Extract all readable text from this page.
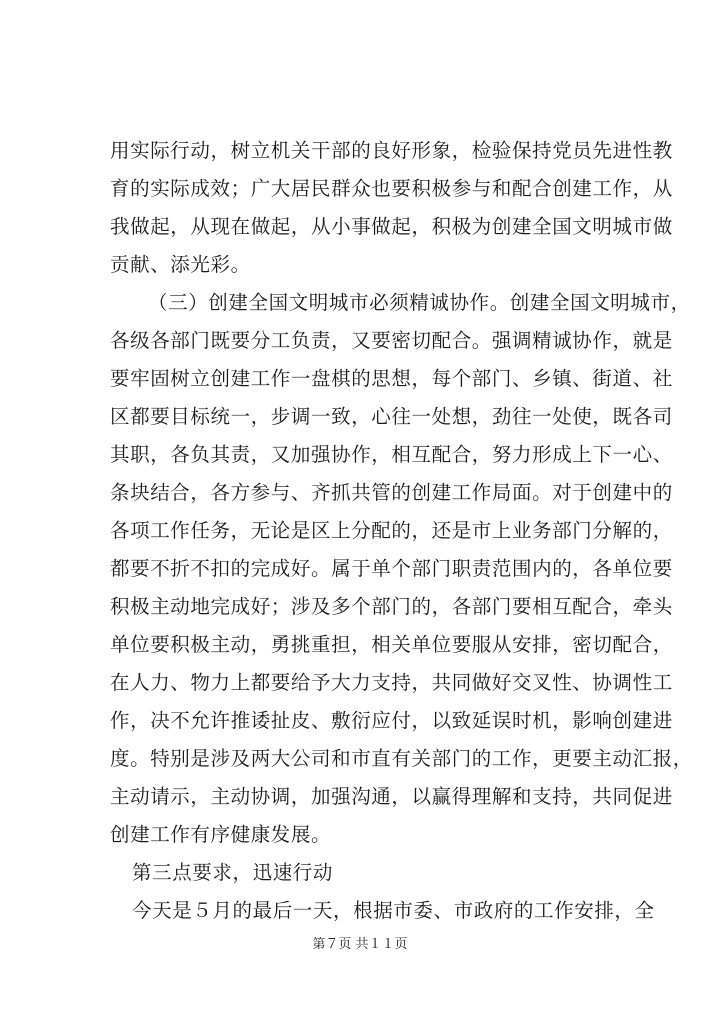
用实际行动，树立机关干部的良好形象，检验保持党员先进性教
育的实际成效；广大居民群众也要积极参与和配合创建工作，从
我做起，从现在做起，从小事做起，积极为创建全国文明城市做
贡献、添光彩。
（三）创建全国文明城市必须精诚协作。创建全国文明城市，
各级各部门既要分工负责，又要密切配合。强调精诚协作，就是
要牢固树立创建工作一盘棋的思想，每个部门、乡镇、街道、社
区都要目标统一，步调一致，心往一处想，劲往一处使，既各司
其职，各负其责，又加强协作，相互配合，努力形成上下一心、
条块结合，各方参与、齐抓共管的创建工作局面。对于创建中的
各项工作任务，无论是区上分配的，还是市上业务部门分解的，
都要不折不扣的完成好。属于单个部门职责范围内的，各单位要
积极主动地完成好；涉及多个部门的，各部门要相互配合，牵头
单位要积极主动，勇挑重担，相关单位要服从安排，密切配合，
在人力、物力上都要给予大力支持，共同做好交叉性、协调性工
作，决不允许推诿扯皮、敷衍应付，以致延误时机，影响创建进
度。特别是涉及两大公司和市直有关部门的工作，更要主动汇报，
主动请示，主动协调，加强沟通，以赢得理解和支持，共同促进
创建工作有序健康发展。
第三点要求，迅速行动
今天是５月的最后一天，根据市委、市政府的工作安排，全
第７页 共１１页
